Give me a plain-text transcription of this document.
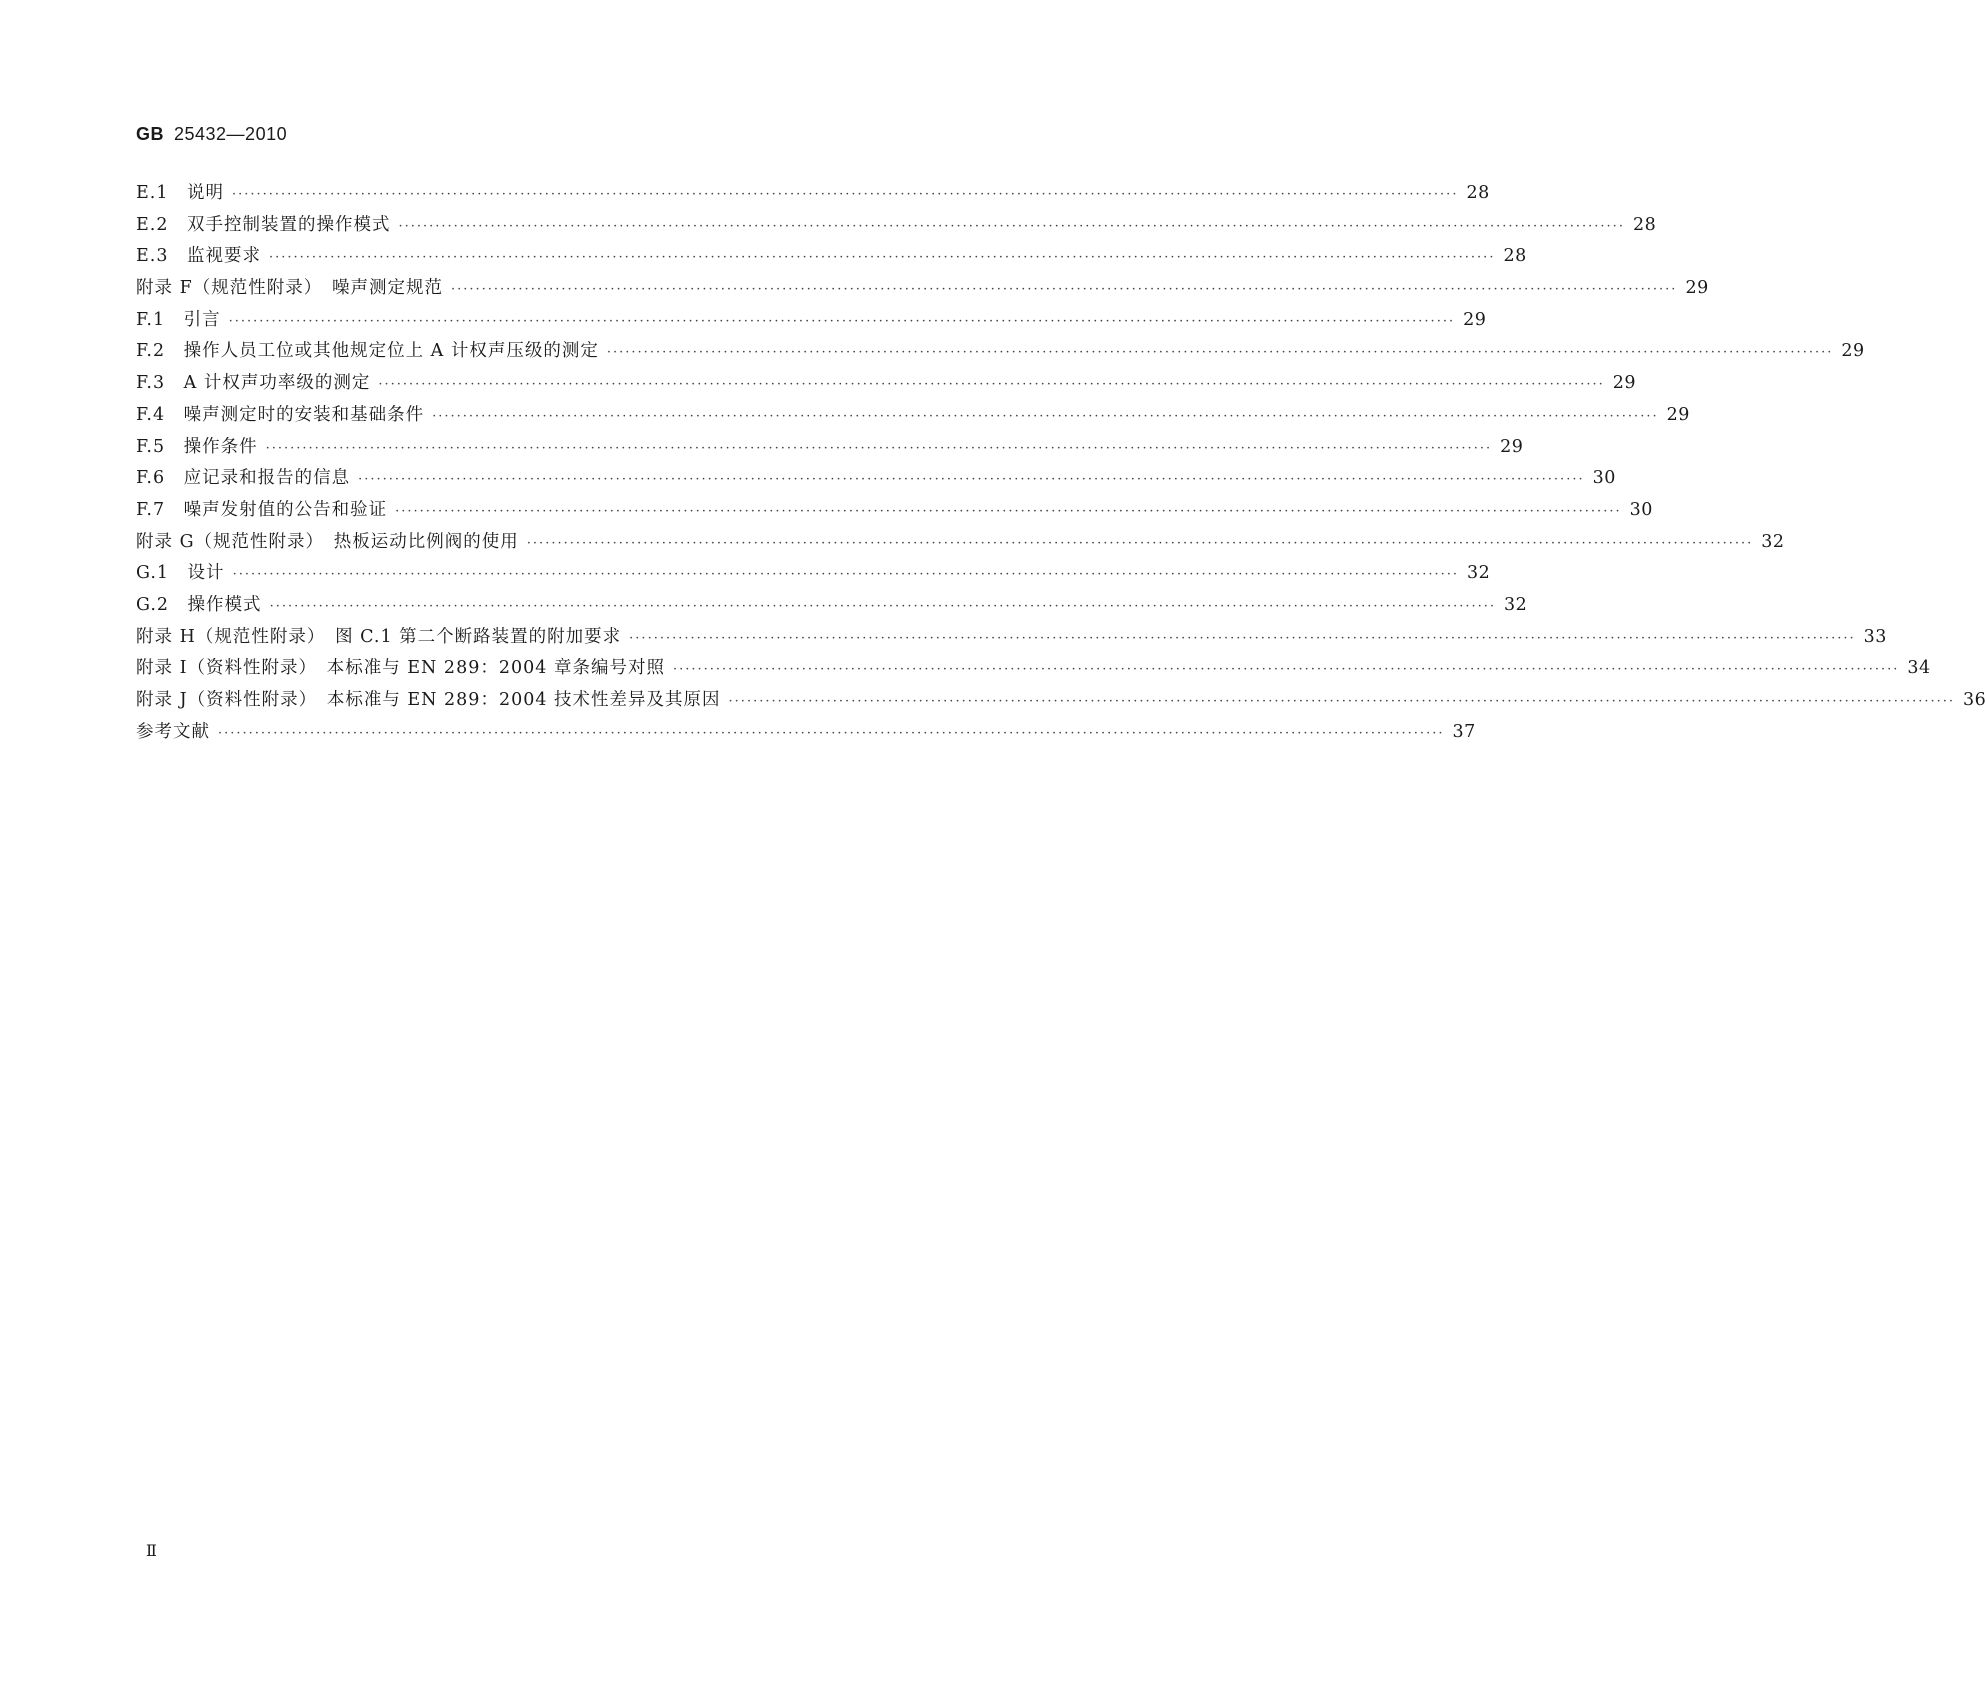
GB 25432—2010
E.1　说明 ········································································································································································································ 28
E.2　双手控制装置的操作模式 ········································································································································································································ 28
E.3　监视要求 ········································································································································································································ 28
附录 F（规范性附录）　噪声测定规范 ········································································································································································································ 29
F.1　引言 ········································································································································································································ 29
F.2　操作人员工位或其他规定位上 A 计权声压级的测定 ········································································································································································································ 29
F.3　A 计权声功率级的测定 ········································································································································································································ 29
F.4　噪声测定时的安装和基础条件 ········································································································································································································ 29
F.5　操作条件 ········································································································································································································ 29
F.6　应记录和报告的信息 ········································································································································································································ 30
F.7　噪声发射值的公告和验证 ········································································································································································································ 30
附录 G（规范性附录）　热板运动比例阀的使用 ········································································································································································································ 32
G.1　设计 ········································································································································································································ 32
G.2　操作模式 ········································································································································································································ 32
附录 H（规范性附录）　图 C.1 第二个断路装置的附加要求 ········································································································································································································ 33
附录 I（资料性附录）　本标准与 EN 289：2004 章条编号对照 ········································································································································································································ 34
附录 J（资料性附录）　本标准与 EN 289：2004 技术性差异及其原因 ········································································································································································································ 36
参考文献 ········································································································································································································ 37
Ⅱ
